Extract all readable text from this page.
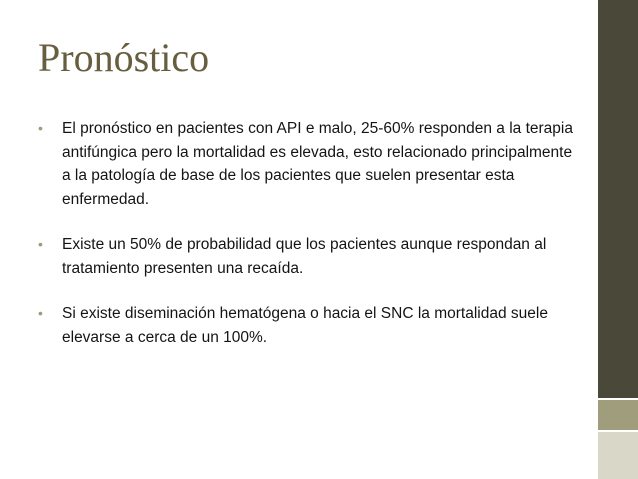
Pronóstico
• El pronóstico en pacientes con API e malo, 25-60% responden a la terapia antifúngica pero la mortalidad es elevada, esto relacionado principalmente a la patología de base de los pacientes que suelen presentar esta enfermedad.
• Existe un 50% de probabilidad que los pacientes aunque respondan al tratamiento presenten una recaída.
• Si existe diseminación hematógena o hacia el SNC la mortalidad suele elevarse a cerca de un 100%.
